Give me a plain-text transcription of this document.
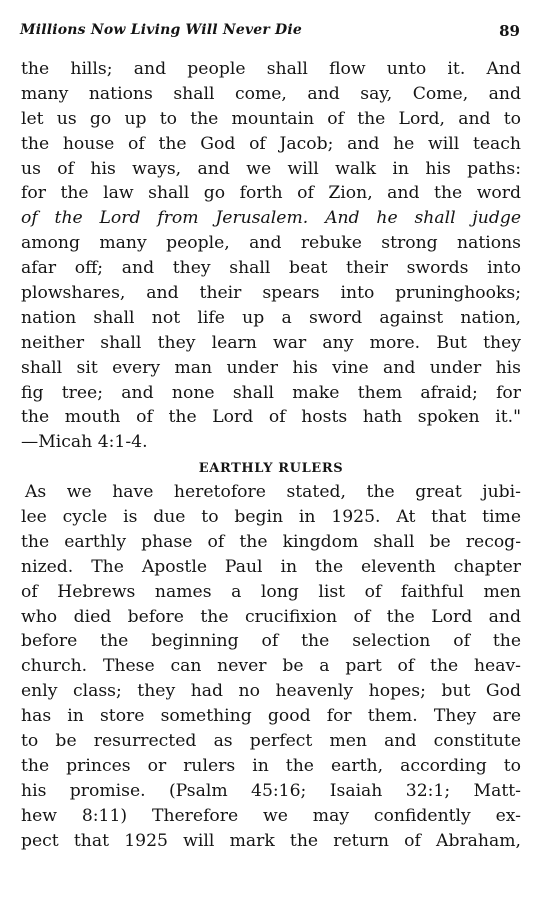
Millions Now Living Will Never Die	89
the hills; and people shall flow unto it. And
many nations shall come, and say, Come, and
let us go up to the mountain of the Lord, and to
the house of the God of Jacob; and he will teach
us of his ways, and we will walk in his paths:
for the law shall go forth of Zion, and the word
of the Lord from Jerusalem. And he shall judge
among many people, and rebuke strong nations
afar off; and they shall beat their swords into
plowshares, and their spears into pruninghooks;
nation shall not life up a sword against nation,
neither shall they learn war any more. But they
shall sit every man under his vine and under his
fig tree; and none shall make them afraid; for
the mouth of the Lord of hosts hath spoken it."
—Micah 4:1-4.
EARTHLY RULERS
As we have heretofore stated, the great jubi-
lee cycle is due to begin in 1925. At that time
the earthly phase of the kingdom shall be recog-
nized. The Apostle Paul in the eleventh chapter
of Hebrews names a long list of faithful men
who died before the crucifixion of the Lord and
before the beginning of the selection of the
church. These can never be a part of the heav-
enly class; they had no heavenly hopes; but God
has in store something good for them. They are
to be resurrected as perfect men and constitute
the princes or rulers in the earth, according to
his promise. (Psalm 45:16; Isaiah 32:1; Matt-
hew 8:11) Therefore we may confidently ex-
pect that 1925 will mark the return of Abraham,
